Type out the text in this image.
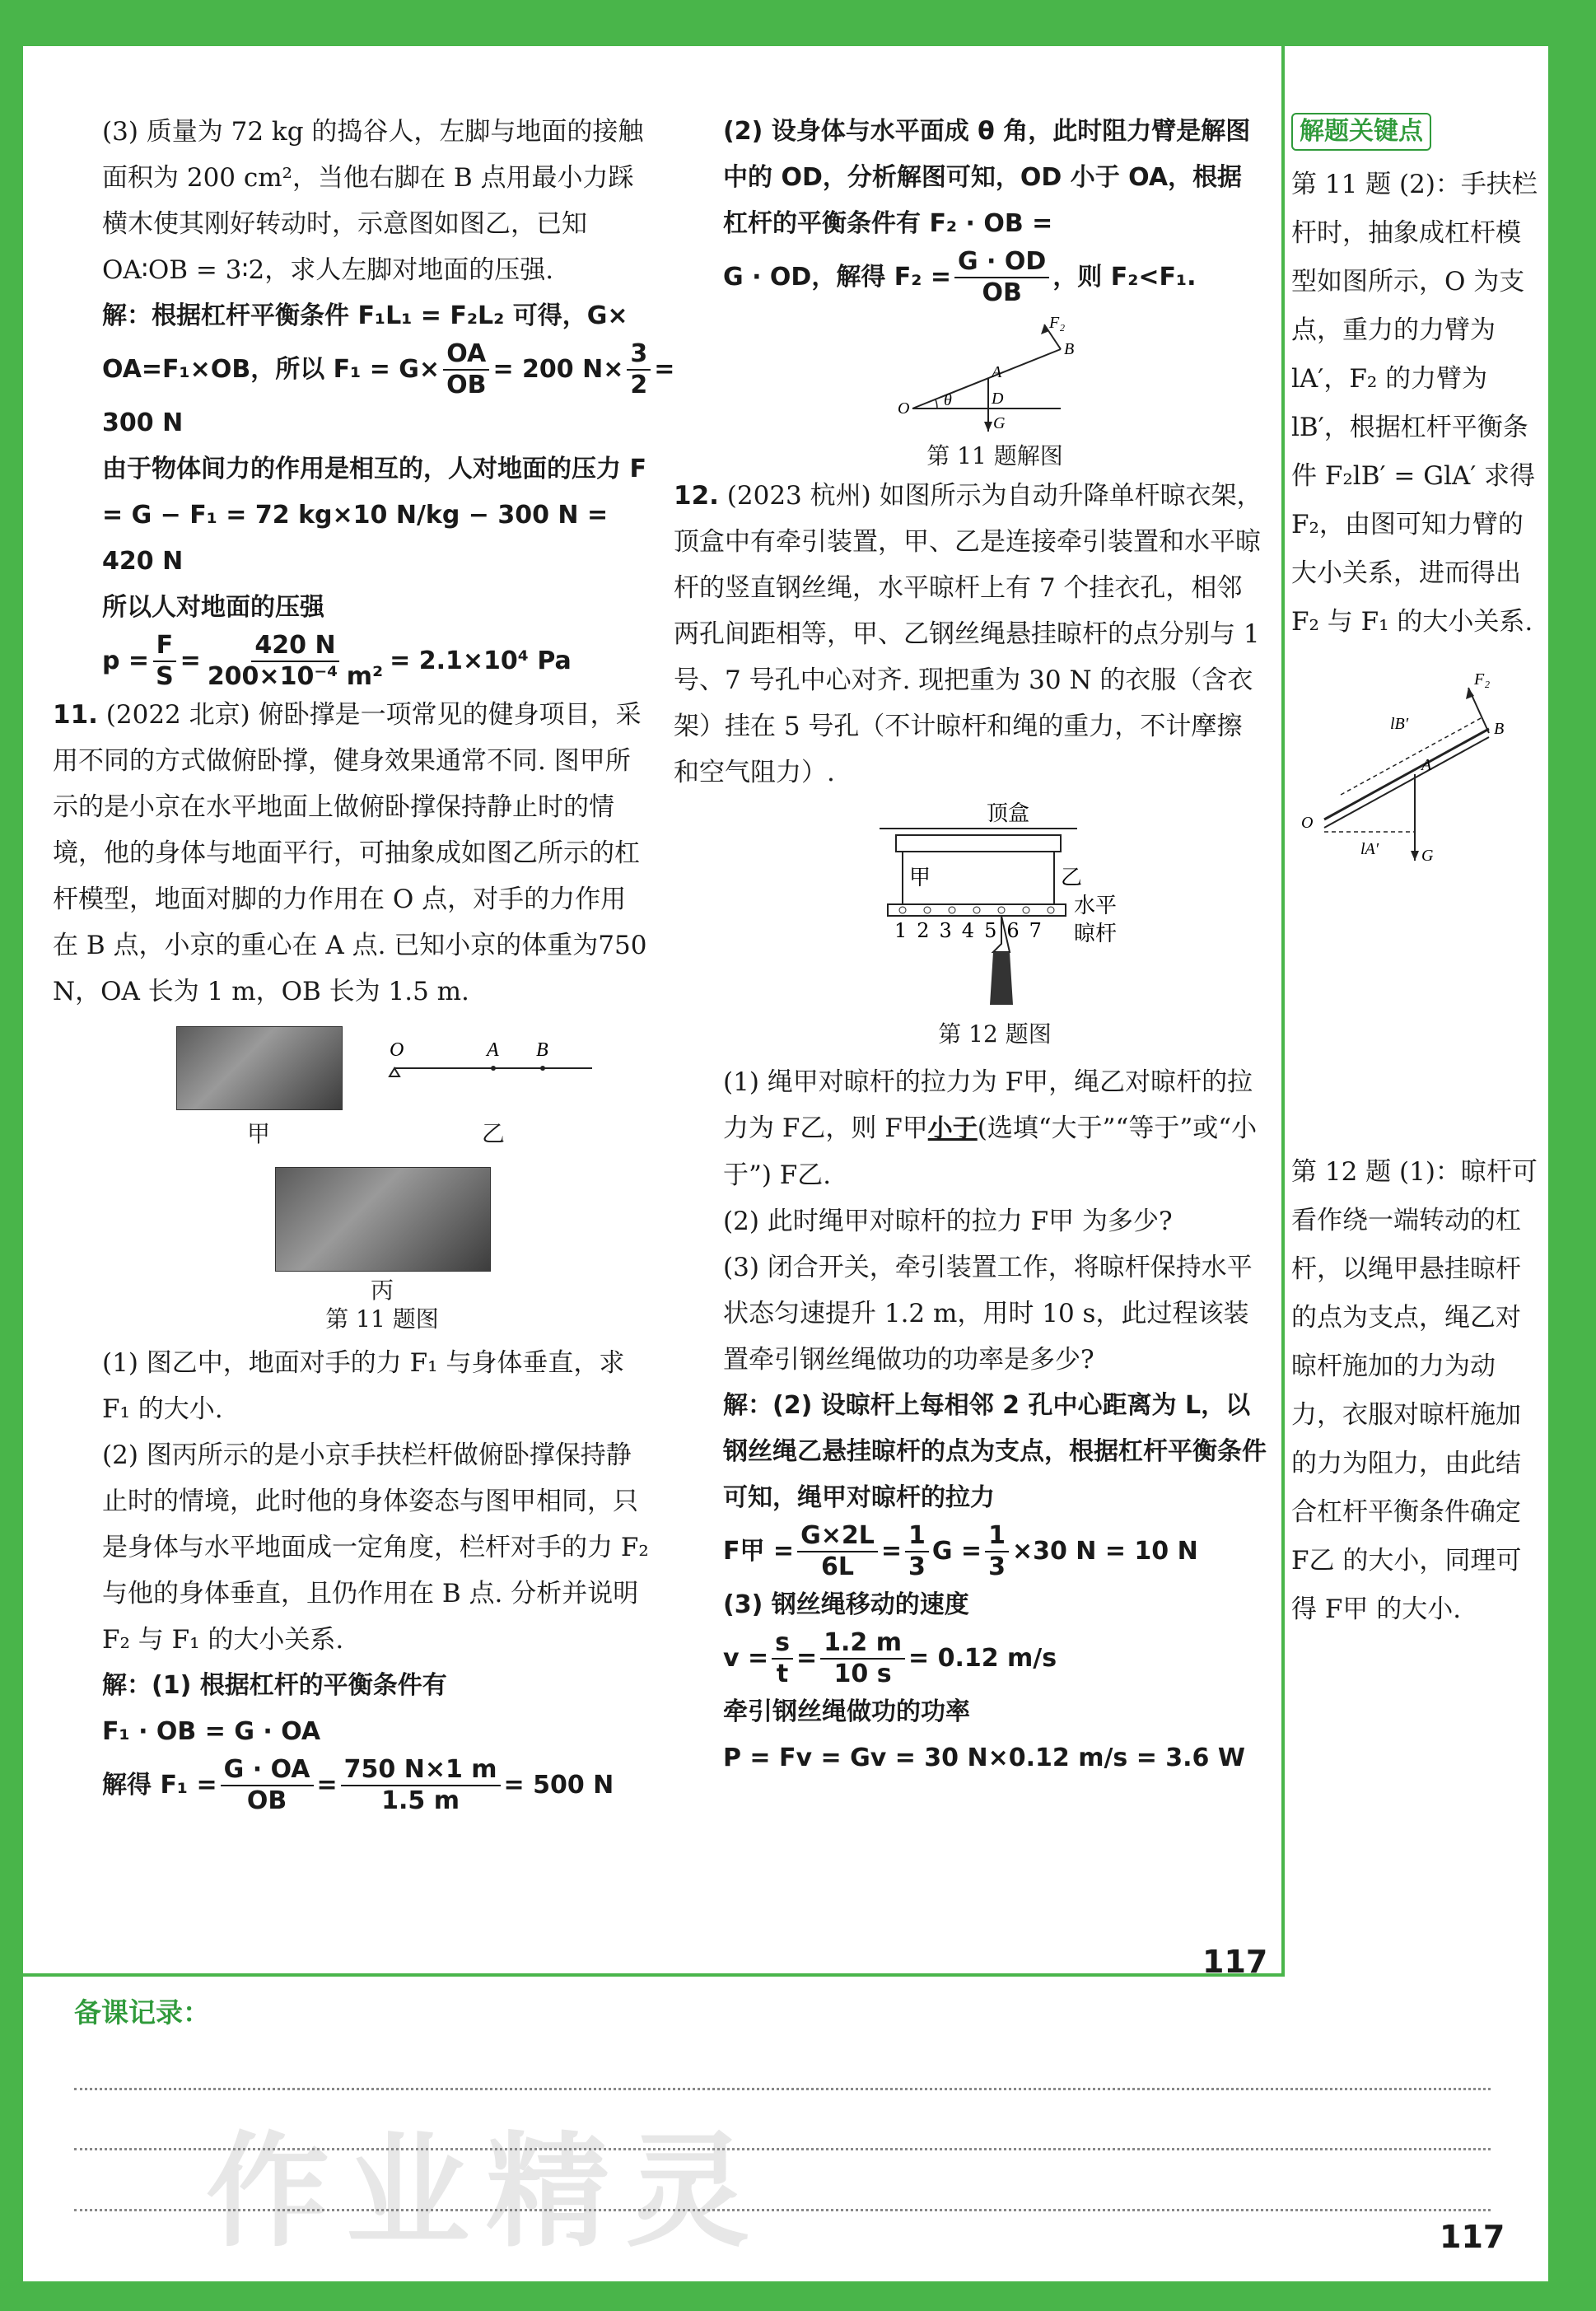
(3) 质量为 72 kg 的捣谷人，左脚与地面的接触面积为 200 cm²，当他右脚在 B 点用最小力踩横木使其刚好转动时，示意图如图乙，已知 OA∶OB = 3∶2，求人左脚对地面的压强.

解：根据杠杆平衡条件 F₁L₁ = F₂L₂ 可得，G×

OA=F₁×OB，所以 $F_1 = G\times \frac{OA}{OB} = 200$ $N\times \frac{3}{2}$ =

300 N

由于物体间力的作用是相互的，人对地面的压力 F = G − F₁ = 72 kg×10 N/kg − 300 N = 420 N

所以人对地面的压强

$p = \frac{F}{S} = \frac{420 N}{\text{200×10⁻⁴ m²}} = 2.1\times 10^4$ Pa

11. (2022 北京) 俯卧撑是一项常见的健身项目，采用不同的方式做俯卧撑，健身效果通常不同. 图甲所示的是小京在水平地面上做俯卧撑保持静止时的情境，他的身体与地面平行，可抽象成如图乙所示的杠杆模型，地面对脚的力作用在 O 点，对手的力作用在 B 点，小京的重心在 A 点. 已知小京的体重为750 N，OA 长为 1 m，OB 长为 1.5 m.

甲
O	A B
乙
丙
第 11 题图

(1) 图乙中，地面对手的力 F₁ 与身体垂直，求 F₁ 的大小.

(2) 图丙所示的是小京手扶栏杆做俯卧撑保持静止时的情境，此时他的身体姿态与图甲相同，只是身体与水平地面成一定角度，栏杆对手的力 F₂ 与他的身体垂直，且仍作用在 B 点. 分析并说明 F₂ 与 F₁ 的大小关系.

解：(1) 根据杠杆的平衡条件有

F₁ · OB = G · OA

解得 $F_1 = \frac{G \cdot OA}{OB} = \frac{750 N\times 1 m}{1.5 m} = 500$ N

(2) 设身体与水平面成 θ 角，此时阻力臂是解图中的 OD，分析解图可知，OD 小于 OA，根据杠杆的平衡条件有 F₂ · OB =

G · OD，解得 $F_2 = \frac{G \cdot OD}{OB}$ ，则 F₂<F₁.
F₂
B
A
D
O θ
G
第 11 题解图

12. (2023 杭州) 如图所示为自动升降单杆晾衣架，顶盒中有牵引装置，甲、乙是连接牵引装置和水平晾杆的竖直钢丝绳，水平晾杆上有 7 个挂衣孔，相邻两孔间距相等，甲、乙钢丝绳悬挂晾杆的点分别与 1 号、7 号孔中心对齐. 现把重为 30 N 的衣服（含衣架）挂在 5 号孔（不计晾杆和绳的重力，不计摩擦和空气阻力）.

顶盒
甲	乙
1234567
水平
晾杆
第 12 题图

(1) 绳甲对晾杆的拉力为 F甲，绳乙对晾杆的拉力为 F乙，则 F甲小于(选填“大于”“等于”或“小于”) F乙.

(2) 此时绳甲对晾杆的拉力 F甲 为多少?

(3) 闭合开关，牵引装置工作，将晾杆保持水平状态匀速提升 1.2 m，用时 10 s，此过程该装置牵引钢丝绳做功的功率是多少?

解：(2) 设晾杆上每相邻 2 孔中心距离为 L，以钢丝绳乙悬挂晾杆的点为支点，根据杠杆平衡条件可知，绳甲对晾杆的拉力

F甲 = $\frac{G\times 2L}{6L} = \frac{1}{3}$ $G = \frac{1}{3} \times 30$ N = 10 N

(3) 钢丝绳移动的速度

$v = \frac{s}{t} = \frac{1.2 m}{10 s} = 0.12$ m/s

牵引钢丝绳做功的功率

P = Fv = Gv = 30 N×0.12 m/s = 3.6 W

117
解题关键点

第 11 题 (2)：手扶栏杆时，抽象成杠杆模型如图所示，O 为支点，重力的力臂为 lA′，F₂ 的力臂为 lB′，根据杠杆平衡条件 F₂lB′ = GlA′ 求得 F₂，由图可知力臂的大小关系，进而得出 F₂ 与 F₁ 的大小关系.

F₂
lB′	B
A
O
lA′	G
第 12 题 (1)：晾杆可看作绕一端转动的杠杆，以绳甲悬挂晾杆的点为支点，绳乙对晾杆施加的力为动力，衣服对晾杆施加的力为阻力，由此结合杠杆平衡条件确定 F乙 的大小，同理可得 F甲 的大小.
备课记录：
作业精灵	117
